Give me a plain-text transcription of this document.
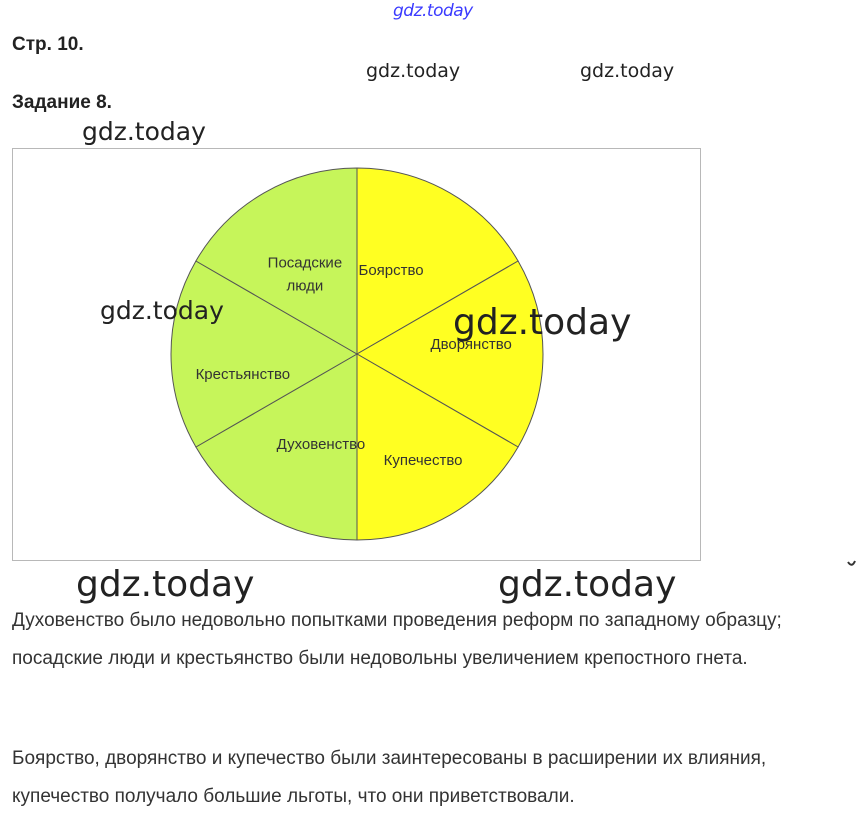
gdz.today
Стр. 10.
gdz.today	gdz.today
Задание 8.
gdz.today
Боярство
Дворянство
Купечество
Духовенство
Крестьянство
Посадские люди
gdz.today	gdz.today
gdz.today	gdz.today

Духовенство было недовольно попытками проведения реформ по западному образцу; посадские люди и крестьянство были недовольны увеличением крепостного гнета.

Боярство, дворянство и купечество были заинтересованы в расширении их влияния, купечество получало большие льготы, что они приветствовали.
